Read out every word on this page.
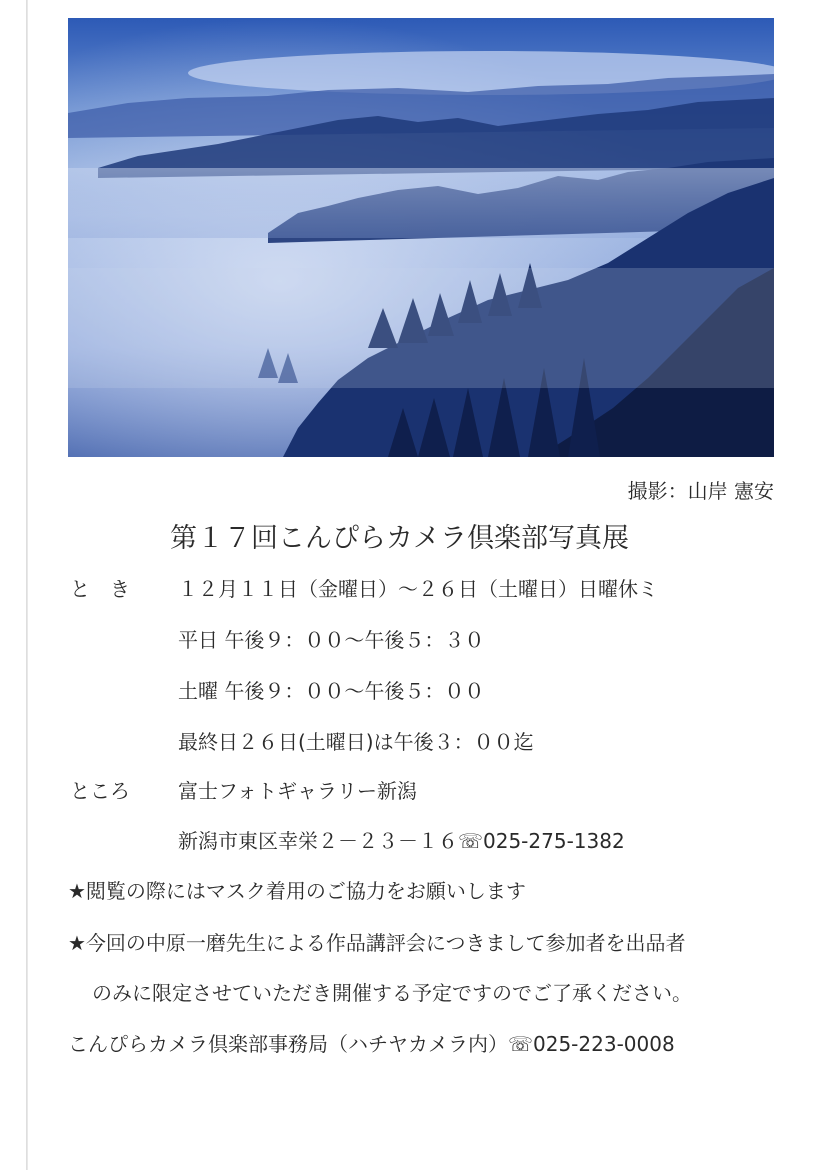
撮影：山岸 憲安
第１７回こんぴらカメラ倶楽部写真展
と　き １２月１１日（金曜日）～２６日（土曜日）日曜休ミ
平日 午後９：００～午後５：３０
土曜 午後９：００～午後５：００
最終日２６日(土曜日)は午後３：００迄
ところ 富士フォトギャラリー新潟
新潟市東区幸栄２－２３－１６☏025-275-1382
★閲覧の際にはマスク着用のご協力をお願いします
★今回の中原一磨先生による作品講評会につきまして参加者を出品者
のみに限定させていただき開催する予定ですのでご了承ください。
こんぴらカメラ倶楽部事務局（ハチヤカメラ内）☏025-223-0008
